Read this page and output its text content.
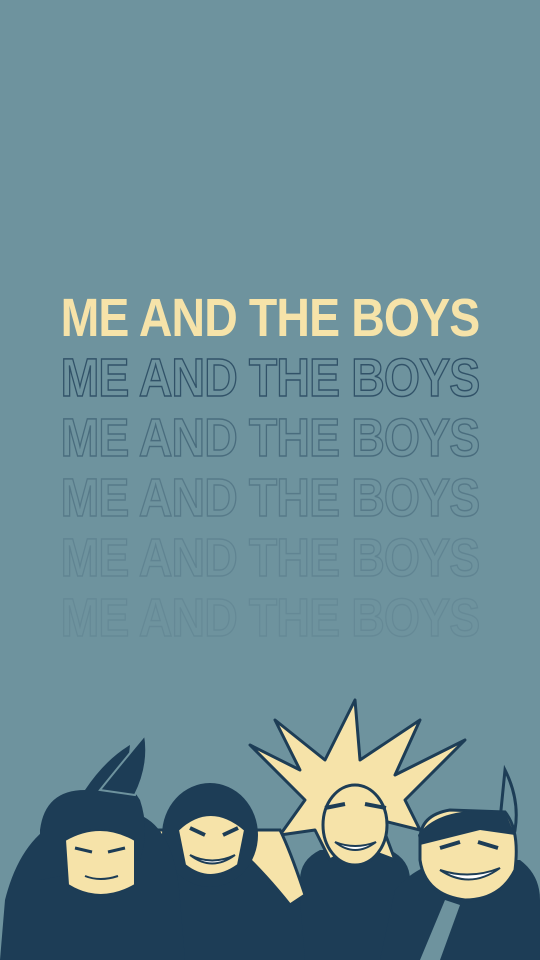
ME AND THE BOYS
ME AND THE BOYS
ME AND THE BOYS
ME AND THE BOYS
ME AND THE BOYS
ME AND THE BOYS
